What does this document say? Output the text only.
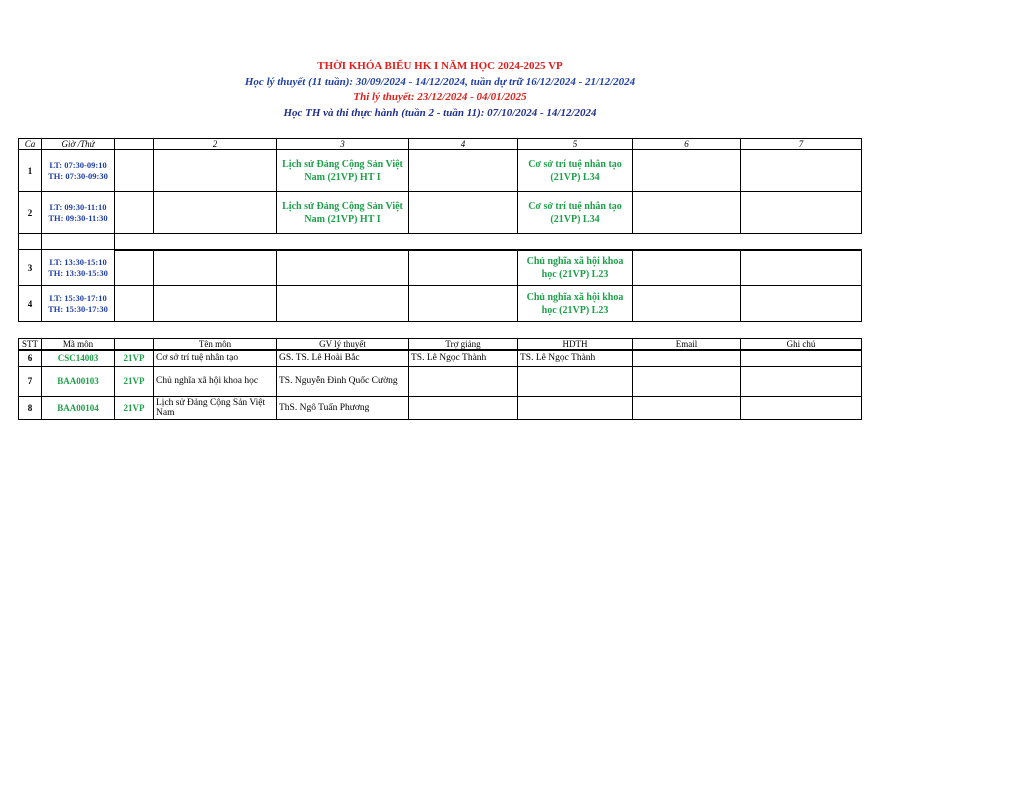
THỜI KHÓA BIỂU HK I NĂM HỌC 2024-2025 VP
Học lý thuyết (11 tuần): 30/09/2024 - 14/12/2024, tuần dự trữ 16/12/2024 - 21/12/2024
Thi lý thuyết: 23/12/2024 - 04/01/2025
Học TH và thi thực hành (tuần 2 - tuần 11): 07/10/2024 - 14/12/2024
Ca	Giờ /Thứ		2	3	4	5	6	7
1	LT: 07:30-09:10
TH: 07:30-09:30			Lịch sử Đảng Cộng Sản Việt Nam (21VP) HT I		Cơ sở trí tuệ nhân tạo (21VP) L34		
2	LT: 09:30-11:10
TH: 09:30-11:30			Lịch sử Đảng Cộng Sản Việt Nam (21VP) HT I		Cơ sở trí tuệ nhân tạo (21VP) L34		

3	LT: 13:30-15:10
TH: 13:30-15:30					Chủ nghĩa xã hội khoa học (21VP) L23		
4	LT: 15:30-17:10
TH: 15:30-17:30					Chủ nghĩa xã hội khoa học (21VP) L23		
STT	Mã môn		Tên môn	GV lý thuyết	Trợ giảng	HDTH	Email	Ghi chú
6	CSC14003	21VP	Cơ sở trí tuệ nhân tạo	GS. TS. Lê Hoài Bắc	TS. Lê Ngọc Thành	TS. Lê Ngọc Thành		
7	BAA00103	21VP	Chủ nghĩa xã hội khoa học	TS. Nguyễn Đình Quốc Cường				
8	BAA00104	21VP	Lịch sử Đảng Cộng Sản Việt Nam	ThS. Ngô Tuấn Phương				
